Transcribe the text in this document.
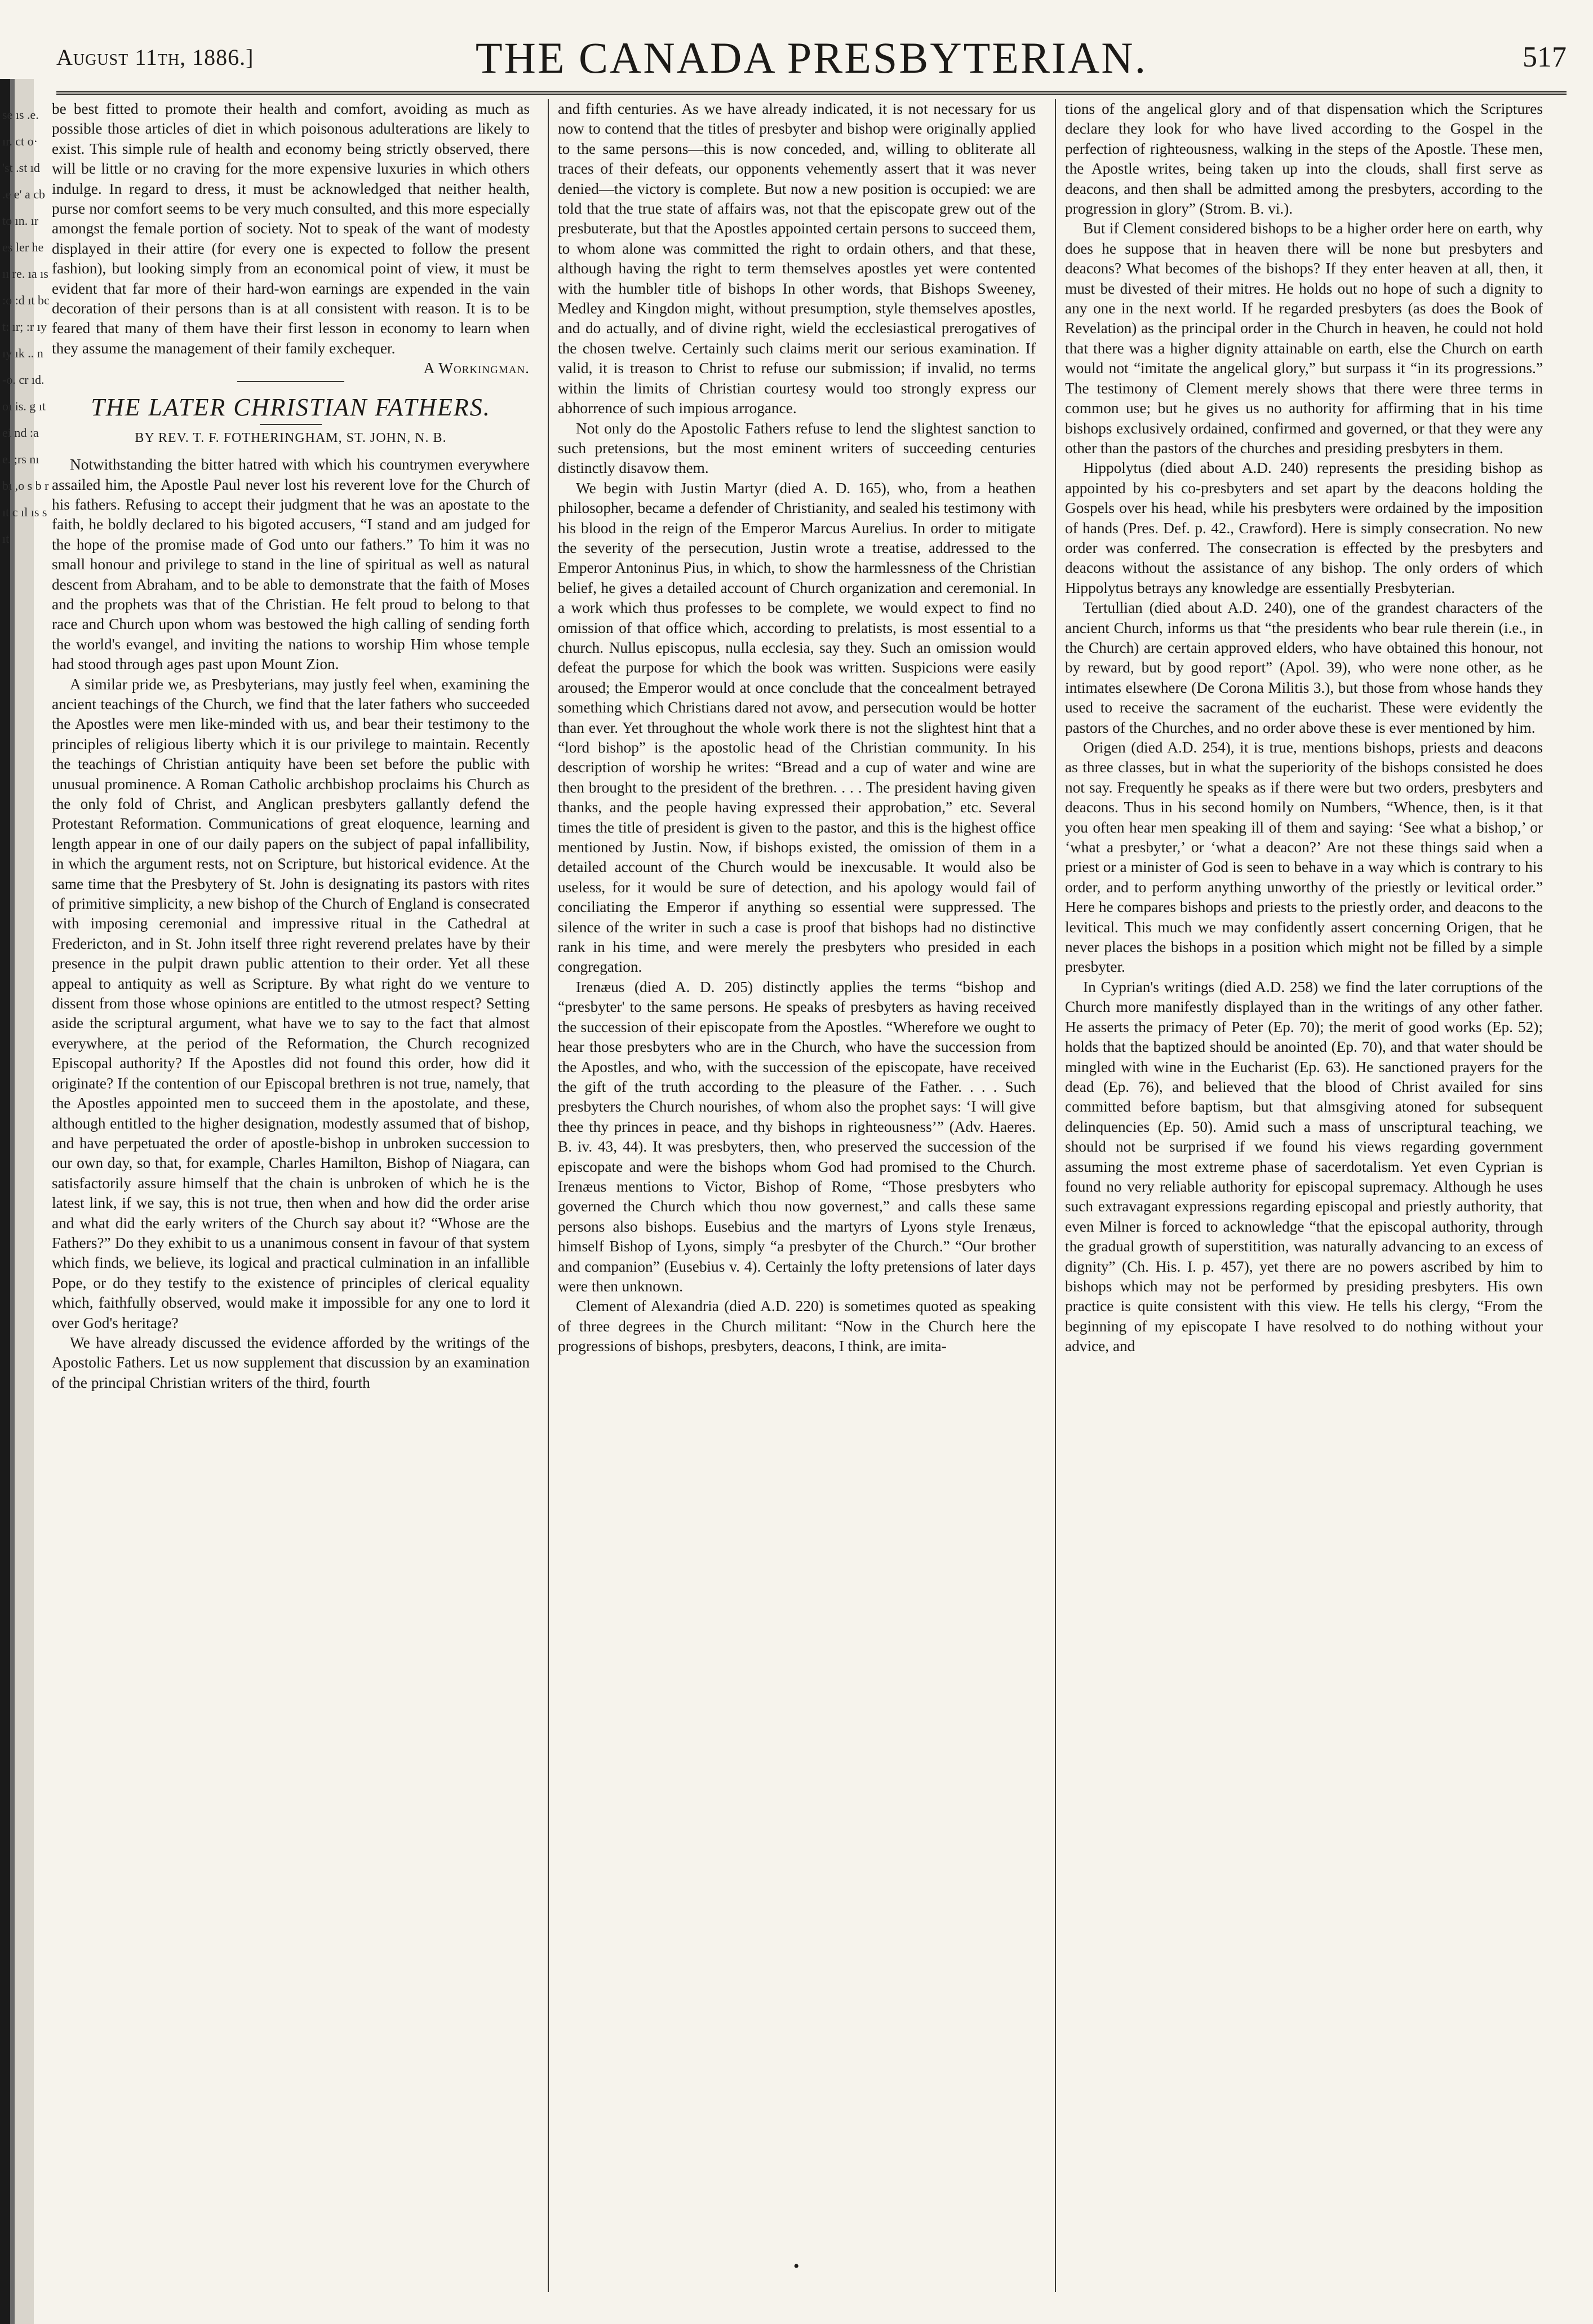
se ıs .e. ır. ct o· 'st .st ıd .e e' a cb to ın. ır es ler he ıı re. ıa ıs :o :d ıt bc t: ır; :r ıy ıy ık .. n -o. cr ıd. oı is. g ıt ei nd :a e. ;rs nı bı ,o s b r ıt c ıl ıs s ıt
August 11th, 1886.]	THE CANADA PRESBYTERIAN.	517

be best fitted to promote their health and comfort, avoiding as much as possible those articles of diet in which poisonous adulterations are likely to exist. This simple rule of health and economy being strictly observed, there will be little or no craving for the more expensive luxuries in which others indulge. In regard to dress, it must be acknowledged that neither health, purse nor comfort seems to be very much consulted, and this more especially amongst the female portion of society. Not to speak of the want of modesty displayed in their attire (for every one is expected to follow the present fashion), but looking simply from an economical point of view, it must be evident that far more of their hard-won earnings are expended in the vain decoration of their persons than is at all consistent with reason. It is to be feared that many of them have their first lesson in economy to learn when they assume the management of their family exchequer.

A Workingman.

THE LATER CHRISTIAN FATHERS.
BY REV. T. F. FOTHERINGHAM, ST. JOHN, N. B.

Notwithstanding the bitter hatred with which his countrymen everywhere assailed him, the Apostle Paul never lost his reverent love for the Church of his fathers. Refusing to accept their judgment that he was an apostate to the faith, he boldly declared to his bigoted accusers, “I stand and am judged for the hope of the promise made of God unto our fathers.” To him it was no small honour and privilege to stand in the line of spiritual as well as natural descent from Abraham, and to be able to demonstrate that the faith of Moses and the prophets was that of the Christian. He felt proud to belong to that race and Church upon whom was bestowed the high calling of sending forth the world's evangel, and inviting the nations to worship Him whose temple had stood through ages past upon Mount Zion.

A similar pride we, as Presbyterians, may justly feel when, examining the ancient teachings of the Church, we find that the later fathers who succeeded the Apostles were men like-minded with us, and bear their testimony to the principles of religious liberty which it is our privilege to maintain. Recently the teachings of Christian antiquity have been set before the public with unusual prominence. A Roman Catholic archbishop proclaims his Church as the only fold of Christ, and Anglican presbyters gallantly defend the Protestant Reformation. Communications of great eloquence, learning and length appear in one of our daily papers on the subject of papal infallibility, in which the argument rests, not on Scripture, but historical evidence. At the same time that the Presbytery of St. John is designating its pastors with rites of primitive simplicity, a new bishop of the Church of England is consecrated with imposing ceremonial and impressive ritual in the Cathedral at Fredericton, and in St. John itself three right reverend prelates have by their presence in the pulpit drawn public attention to their order. Yet all these appeal to antiquity as well as Scripture. By what right do we venture to dissent from those whose opinions are entitled to the utmost respect? Setting aside the scriptural argument, what have we to say to the fact that almost everywhere, at the period of the Reformation, the Church recognized Episcopal authority? If the Apostles did not found this order, how did it originate? If the contention of our Episcopal brethren is not true, namely, that the Apostles appointed men to succeed them in the apostolate, and these, although entitled to the higher designation, modestly assumed that of bishop, and have perpetuated the order of apostle-bishop in unbroken succession to our own day, so that, for example, Charles Hamilton, Bishop of Niagara, can satisfactorily assure himself that the chain is unbroken of which he is the latest link, if we say, this is not true, then when and how did the order arise and what did the early writers of the Church say about it? “Whose are the Fathers?” Do they exhibit to us a unanimous consent in favour of that system which finds, we believe, its logical and practical culmination in an infallible Pope, or do they testify to the existence of principles of clerical equality which, faithfully observed, would make it impossible for any one to lord it over God's heritage?

We have already discussed the evidence afforded by the writings of the Apostolic Fathers. Let us now supplement that discussion by an examination of the principal Christian writers of the third, fourth

and fifth centuries. As we have already indicated, it is not necessary for us now to contend that the titles of presbyter and bishop were originally applied to the same persons—this is now conceded, and, willing to obliterate all traces of their defeats, our opponents vehemently assert that it was never denied—the victory is complete. But now a new position is occupied: we are told that the true state of affairs was, not that the episcopate grew out of the presbuterate, but that the Apostles appointed certain persons to succeed them, to whom alone was committed the right to ordain others, and that these, although having the right to term themselves apostles yet were contented with the humbler title of bishops In other words, that Bishops Sweeney, Medley and Kingdon might, without presumption, style themselves apostles, and do actually, and of divine right, wield the ecclesiastical prerogatives of the chosen twelve. Certainly such claims merit our serious examination. If valid, it is treason to Christ to refuse our submission; if invalid, no terms within the limits of Christian courtesy would too strongly express our abhorrence of such impious arrogance.

Not only do the Apostolic Fathers refuse to lend the slightest sanction to such pretensions, but the most eminent writers of succeeding centuries distinctly disavow them.

We begin with Justin Martyr (died A. D. 165), who, from a heathen philosopher, became a defender of Christianity, and sealed his testimony with his blood in the reign of the Emperor Marcus Aurelius. In order to mitigate the severity of the persecution, Justin wrote a treatise, addressed to the Emperor Antoninus Pius, in which, to show the harmlessness of the Christian belief, he gives a detailed account of Church organization and ceremonial. In a work which thus professes to be complete, we would expect to find no omission of that office which, according to prelatists, is most essential to a church. Nullus episcopus, nulla ecclesia, say they. Such an omission would defeat the purpose for which the book was written. Suspicions were easily aroused; the Emperor would at once conclude that the concealment betrayed something which Christians dared not avow, and persecution would be hotter than ever. Yet throughout the whole work there is not the slightest hint that a “lord bishop” is the apostolic head of the Christian community. In his description of worship he writes: “Bread and a cup of water and wine are then brought to the president of the brethren. . . . The president having given thanks, and the people having expressed their approbation,” etc. Several times the title of president is given to the pastor, and this is the highest office mentioned by Justin. Now, if bishops existed, the omission of them in a detailed account of the Church would be inexcusable. It would also be useless, for it would be sure of detection, and his apology would fail of conciliating the Emperor if anything so essential were suppressed. The silence of the writer in such a case is proof that bishops had no distinctive rank in his time, and were merely the presbyters who presided in each congregation.

Irenæus (died A. D. 205) distinctly applies the terms “bishop and “presbyter' to the same persons. He speaks of presbyters as having received the succession of their episcopate from the Apostles. “Wherefore we ought to hear those presbyters who are in the Church, who have the succession from the Apostles, and who, with the succession of the episcopate, have received the gift of the truth according to the pleasure of the Father. . . . Such presbyters the Church nourishes, of whom also the prophet says: ‘I will give thee thy princes in peace, and thy bishops in righteousness’” (Adv. Haeres. B. iv. 43, 44). It was presbyters, then, who preserved the succession of the episcopate and were the bishops whom God had promised to the Church. Irenæus mentions to Victor, Bishop of Rome, “Those presbyters who governed the Church which thou now governest,” and calls these same persons also bishops. Eusebius and the martyrs of Lyons style Irenæus, himself Bishop of Lyons, simply “a presbyter of the Church.” “Our brother and companion” (Eusebius v. 4). Certainly the lofty pretensions of later days were then unknown.

Clement of Alexandria (died A.D. 220) is sometimes quoted as speaking of three degrees in the Church militant: “Now in the Church here the progressions of bishops, presbyters, deacons, I think, are imita-

tions of the angelical glory and of that dispensation which the Scriptures declare they look for who have lived according to the Gospel in the perfection of righteousness, walking in the steps of the Apostle. These men, the Apostle writes, being taken up into the clouds, shall first serve as deacons, and then shall be admitted among the presbyters, according to the progression in glory” (Strom. B. vi.).

But if Clement considered bishops to be a higher order here on earth, why does he suppose that in heaven there will be none but presbyters and deacons? What becomes of the bishops? If they enter heaven at all, then, it must be divested of their mitres. He holds out no hope of such a dignity to any one in the next world. If he regarded presbyters (as does the Book of Revelation) as the principal order in the Church in heaven, he could not hold that there was a higher dignity attainable on earth, else the Church on earth would not “imitate the angelical glory,” but surpass it “in its progressions.” The testimony of Clement merely shows that there were three terms in common use; but he gives us no authority for affirming that in his time bishops exclusively ordained, confirmed and governed, or that they were any other than the pastors of the churches and presiding presbyters in them.

Hippolytus (died about A.D. 240) represents the presiding bishop as appointed by his co-presbyters and set apart by the deacons holding the Gospels over his head, while his presbyters were ordained by the imposition of hands (Pres. Def. p. 42., Crawford). Here is simply consecration. No new order was conferred. The consecration is effected by the presbyters and deacons without the assistance of any bishop. The only orders of which Hippolytus betrays any knowledge are essentially Presbyterian.

Tertullian (died about A.D. 240), one of the grandest characters of the ancient Church, informs us that “the presidents who bear rule therein (i.e., in the Church) are certain approved elders, who have obtained this honour, not by reward, but by good report” (Apol. 39), who were none other, as he intimates elsewhere (De Corona Militis 3.), but those from whose hands they used to receive the sacrament of the eucharist. These were evidently the pastors of the Churches, and no order above these is ever mentioned by him.

Origen (died A.D. 254), it is true, mentions bishops, priests and deacons as three classes, but in what the superiority of the bishops consisted he does not say. Frequently he speaks as if there were but two orders, presbyters and deacons. Thus in his second homily on Numbers, “Whence, then, is it that you often hear men speaking ill of them and saying: ‘See what a bishop,’ or ‘what a presbyter,’ or ‘what a deacon?’ Are not these things said when a priest or a minister of God is seen to behave in a way which is contrary to his order, and to perform anything unworthy of the priestly or levitical order.” Here he compares bishops and priests to the priestly order, and deacons to the levitical. This much we may confidently assert concerning Origen, that he never places the bishops in a position which might not be filled by a simple presbyter.

In Cyprian's writings (died A.D. 258) we find the later corruptions of the Church more manifestly displayed than in the writings of any other father. He asserts the primacy of Peter (Ep. 70); the merit of good works (Ep. 52); holds that the baptized should be anointed (Ep. 70), and that water should be mingled with wine in the Eucharist (Ep. 63). He sanctioned prayers for the dead (Ep. 76), and believed that the blood of Christ availed for sins committed before baptism, but that almsgiving atoned for subsequent delinquencies (Ep. 50). Amid such a mass of unscriptural teaching, we should not be surprised if we found his views regarding government assuming the most extreme phase of sacerdotalism. Yet even Cyprian is found no very reliable authority for episcopal supremacy. Although he uses such extravagant expressions regarding episcopal and priestly authority, that even Milner is forced to acknowledge “that the episcopal authority, through the gradual growth of superstitition, was naturally advancing to an excess of dignity” (Ch. His. I. p. 457), yet there are no powers ascribed by him to bishops which may not be performed by presiding presbyters. His own practice is quite consistent with this view. He tells his clergy, “From the beginning of my episcopate I have resolved to do nothing without your advice, and

•
